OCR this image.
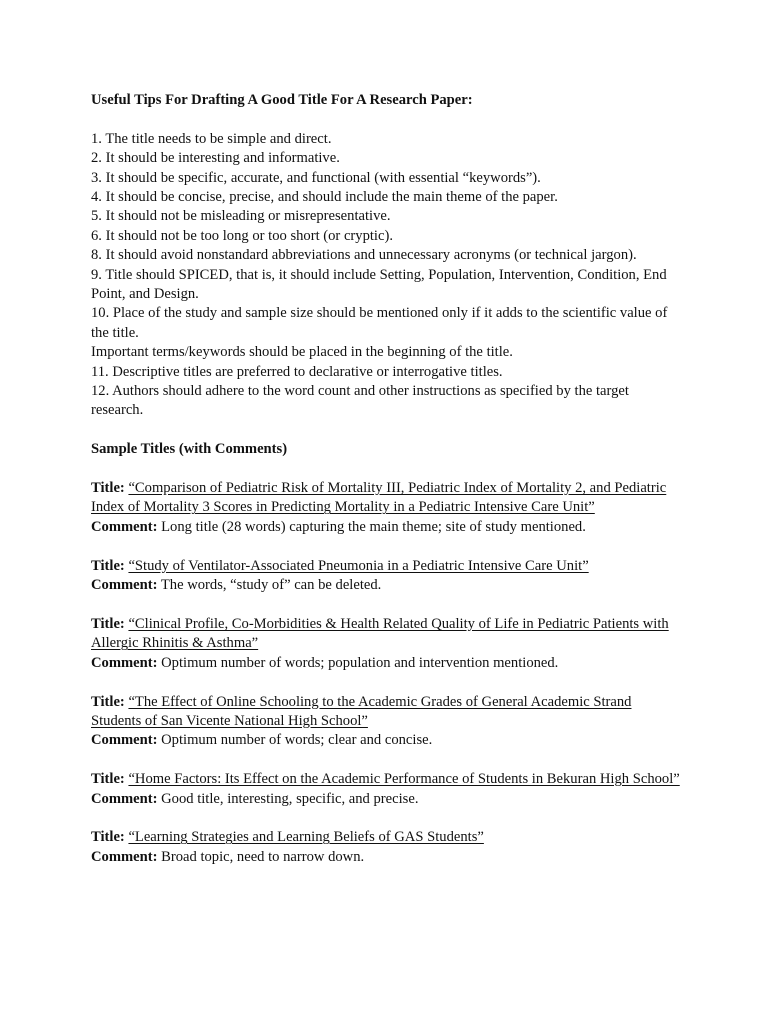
Useful Tips For Drafting A Good Title For A Research Paper:

1. The title needs to be simple and direct.
2. It should be interesting and informative.
3. It should be specific, accurate, and functional (with essential “keywords”).
4. It should be concise, precise, and should include the main theme of the paper.
5. It should not be misleading or misrepresentative.
6. It should not be too long or too short (or cryptic).
8. It should avoid nonstandard abbreviations and unnecessary acronyms (or technical jargon).
9. Title should SPICED, that is, it should include Setting, Population, Intervention, Condition, End Point, and Design.
10. Place of the study and sample size should be mentioned only if it adds to the scientific value of the title.
Important terms/keywords should be placed in the beginning of the title.
11. Descriptive titles are preferred to declarative or interrogative titles.
12. Authors should adhere to the word count and other instructions as specified by the target research.

Sample Titles (with Comments)

Title: “Comparison of Pediatric Risk of Mortality III, Pediatric Index of Mortality 2, and Pediatric Index of Mortality 3 Scores in Predicting Mortality in a Pediatric Intensive Care Unit”
Comment: Long title (28 words) capturing the main theme; site of study mentioned.
Title: “Study of Ventilator-Associated Pneumonia in a Pediatric Intensive Care Unit”
Comment: The words, “study of” can be deleted.
Title: “Clinical Profile, Co-Morbidities & Health Related Quality of Life in Pediatric Patients with Allergic Rhinitis & Asthma”
Comment: Optimum number of words; population and intervention mentioned.
Title: “The Effect of Online Schooling to the Academic Grades of General Academic Strand Students of San Vicente National High School”
Comment: Optimum number of words; clear and concise.
Title: “Home Factors: Its Effect on the Academic Performance of Students in Bekuran High School”
Comment: Good title, interesting, specific, and precise.
Title: “Learning Strategies and Learning Beliefs of GAS Students”
Comment: Broad topic, need to narrow down.
